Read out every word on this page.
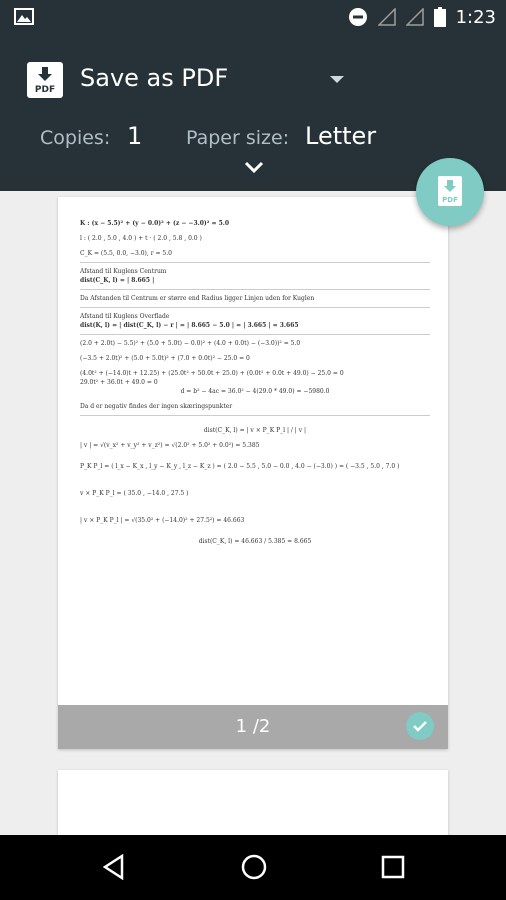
1:23
PDF Save as PDF
Copies: 1 Paper size: Letter
PDF
K : (x − 5.5)² + (y − 0.0)² + (z − −3.0)² = 5.0
l : ( 2.0 , 5.0 , 4.0 ) + t · ( 2.0 , 5.8 , 0.0 )
C_K = (5.5, 0.0, −3.0), r = 5.0
Afstand til Kuglens Centrum
dist(C_K, l) = | 8.665 |
Da Afstanden til Centrum er større end Radius ligger Linjen uden for Kuglen
Afstand til Kuglens Overflade
dist(K, l) = | dist(C_K, l) − r | = | 8.665 − 5.0 | = | 3.665 | = 3.665
(2.0 + 2.0t) − 5.5)² + (5.0 + 5.0t) − 0.0)² + (4.0 + 0.0t) − (−3.0))² = 5.0
(−3.5 + 2.0t)² + (5.0 + 5.0t)² + (7.0 + 0.0t)² − 25.0 = 0
(4.0t² + (−14.0)t + 12.25) + (25.0t² + 50.0t + 25.0) + (0.0t² + 0.0t + 49.0) − 25.0 = 0
29.0t² + 36.0t + 49.0 = 0
d = b² − 4ac = 36.0² − 4(29.0 * 49.0) = −5980.0
Da d er negativ findes der ingen skæringspunkter
dist(C_K, l) = | v × P_K P_l | / | v |
| v | = √(v_x² + v_y² + v_z²) = √(2.0² + 5.0² + 0.0²) = 5.385
P_K P_l = ( l_x − K_x , l_y − K_y , l_z − K_z ) = ( 2.0 − 5.5 , 5.0 − 0.0 , 4.0 − (−3.0) ) = ( −3.5 , 5.0 , 7.0 )
v × P_K P_l = ( 35.0 , −14.0 , 27.5 )
| v × P_K P_l | = √(35.0² + (−14.0)² + 27.5²) = 46.663
dist(C_K, l) = 46.663 / 5.385 = 8.665
1 /2
